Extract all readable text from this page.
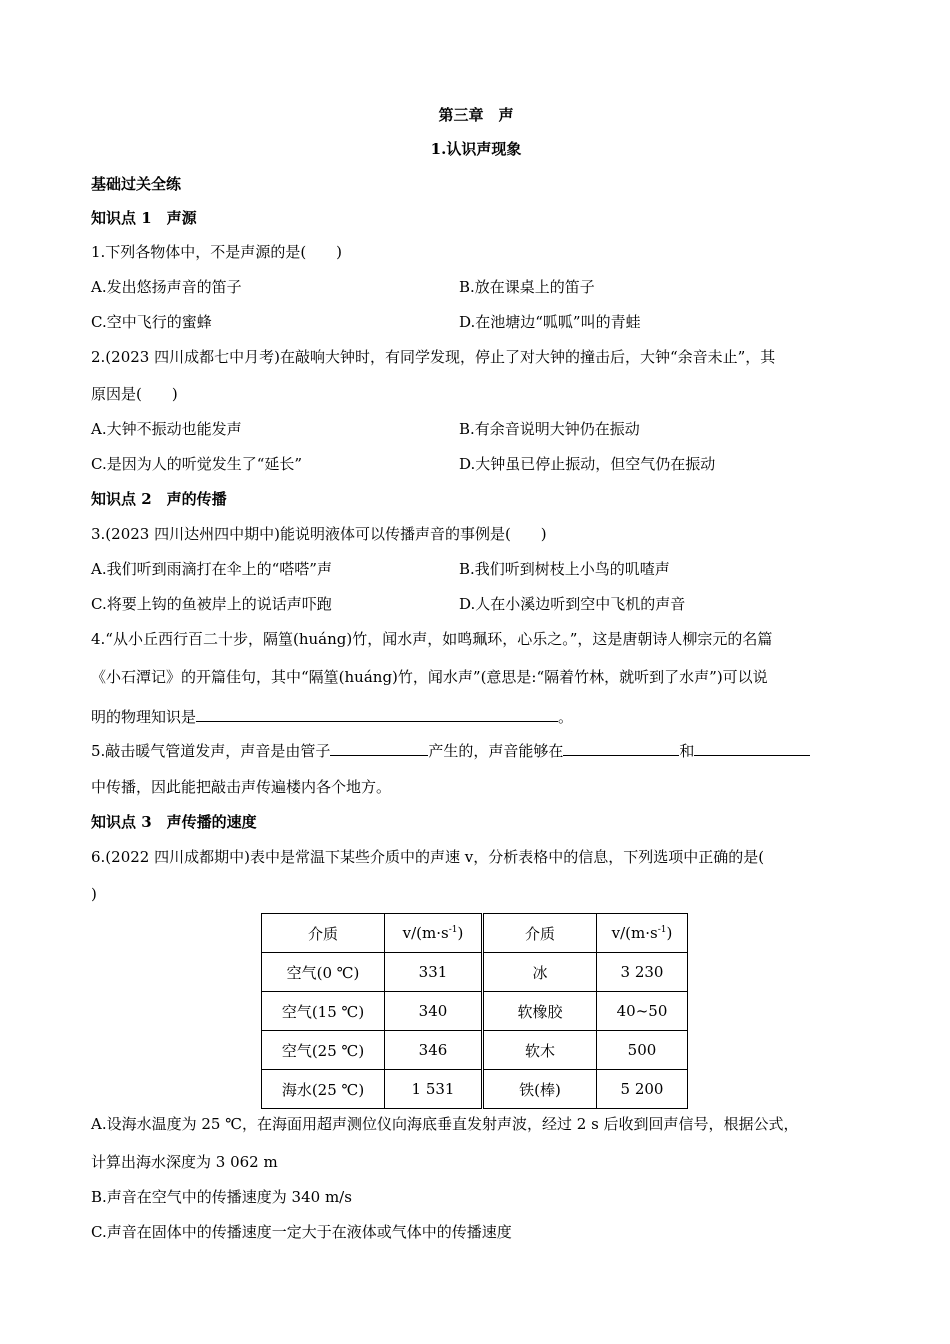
第三章　声
1.认识声现象
基础过关全练
知识点 1　声源
1.下列各物体中，不是声源的是(　　)
A.发出悠扬声音的笛子	B.放在课桌上的笛子
C.空中飞行的蜜蜂	D.在池塘边“呱呱”叫的青蛙
2.(2023 四川成都七中月考)在敲响大钟时，有同学发现，停止了对大钟的撞击后，大钟“余音未止”，其
原因是(　　)
A.大钟不振动也能发声	B.有余音说明大钟仍在振动
C.是因为人的听觉发生了“延长”	D.大钟虽已停止振动，但空气仍在振动
知识点 2　声的传播
3.(2023 四川达州四中期中)能说明液体可以传播声音的事例是(　　)
A.我们听到雨滴打在伞上的“嗒嗒”声	B.我们听到树枝上小鸟的叽喳声
C.将要上钩的鱼被岸上的说话声吓跑	D.人在小溪边听到空中飞机的声音
4.“从小丘西行百二十步，隔篁(huáng)竹，闻水声，如鸣珮环，心乐之。”，这是唐朝诗人柳宗元的名篇
《小石潭记》的开篇佳句，其中“隔篁(huáng)竹，闻水声”(意思是:“隔着竹林，就听到了水声”)可以说
明的物理知识是	。
5.敲击暖气管道发声，声音是由管子	产生的，声音能够在	和
中传播，因此能把敲击声传遍楼内各个地方。
知识点 3　声传播的速度
6.(2022 四川成都期中)表中是常温下某些介质中的声速 v，分析表格中的信息，下列选项中正确的是(
)
介质	$v/(m\cdot s^{-1})$	介质	$v/(m\cdot s^{-1})$
空气(0 ℃)	331	冰	3 230
空气(15 ℃)	340	软橡胶	40~50
空气(25 ℃)	346	软木	500
海水(25 ℃)	1 531	铁(棒)	5 200
A.设海水温度为 25 ℃，在海面用超声测位仪向海底垂直发射声波，经过 2 s 后收到回声信号，根据公式，
计算出海水深度为 3 062 m
B.声音在空气中的传播速度为 340 m/s
C.声音在固体中的传播速度一定大于在液体或气体中的传播速度
